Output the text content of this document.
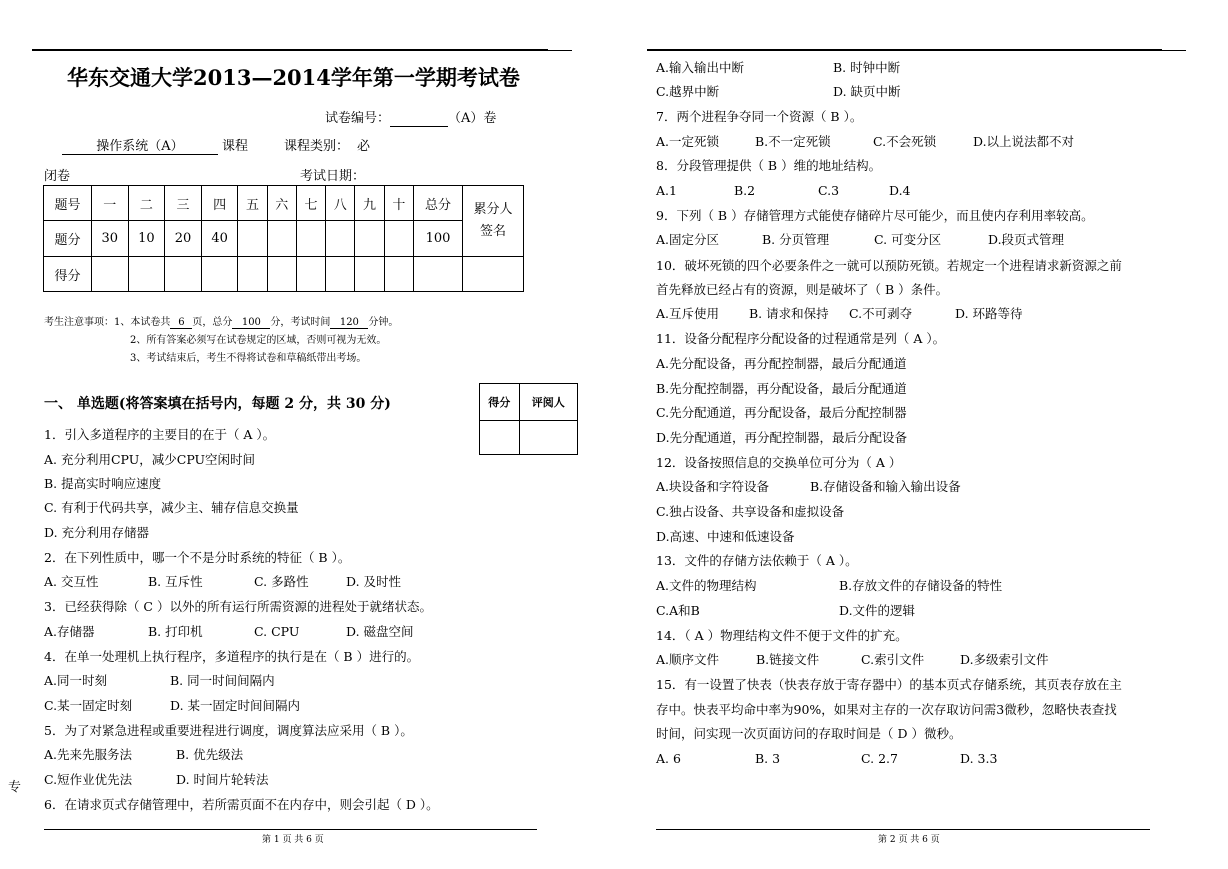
华东交通大学2013—2014学年第一学期考试卷
试卷编号：	（A）卷
操作系统（A）	课程	课程类别： 必
闭卷	考试日期：
题号	一	二	三	四	五	六	七	八	九	十	总分	累分人
签名

题分	30	10	20	40							100	
得分												
考生注意事项：1、本试卷共 6 页，总分 100 分，考试时间 120 分钟。
2、所有答案必须写在试卷规定的区域，否则可视为无效。
3、考试结束后，考生不得将试卷和草稿纸带出考场。
一、 单选题(将答案填在括号内，每题 2 分，共 30 分)	得分	评阅人

1．引入多道程序的主要目的在于（ A ）。
A. 充分利用CPU，减少CPU空闲时间
B. 提高实时响应速度
C. 有利于代码共享，减少主、辅存信息交换量
D. 充分利用存储器
2．在下列性质中，哪一个不是分时系统的特征（ B ）。
A. 交互性	B. 互斥性	C. 多路性	D. 及时性
3．已经获得除（ C ）以外的所有运行所需资源的进程处于就绪状态。
A.存储器	B. 打印机	C. CPU	D. 磁盘空间
4．在单一处理机上执行程序，多道程序的执行是在（ B ）进行的。
A.同一时刻	B. 同一时间间隔内
C.某一固定时刻	D. 某一固定时间间隔内
5．为了对紧急进程或重要进程进行调度，调度算法应采用（ B ）。
A.先来先服务法	B. 优先级法
C.短作业优先法	D. 时间片轮转法
6．在请求页式存储管理中，若所需页面不在内存中，则会引起（ D ）。
专
第 1 页 共 6 页
A.输入输出中断	B. 时钟中断
C.越界中断	D. 缺页中断
7．两个进程争夺同一个资源（ B ）。
A.一定死锁	B.不一定死锁	C.不会死锁	D.以上说法都不对
8．分段管理提供（ B ）维的地址结构。
A.1	B.2	C.3	D.4
9．下列（ B ）存储管理方式能使存储碎片尽可能少，而且使内存利用率较高。
A.固定分区	B. 分页管理	C. 可变分区	D.段页式管理
10．破坏死锁的四个必要条件之一就可以预防死锁。若规定一个进程请求新资源之前
首先释放已经占有的资源，则是破坏了（ B ）条件。
A.互斥使用 B. 请求和保持 C.不可剥夺	D. 环路等待
11．设备分配程序分配设备的过程通常是列（ A ）。
A.先分配设备，再分配控制器，最后分配通道
B.先分配控制器，再分配设备，最后分配通道
C.先分配通道，再分配设备，最后分配控制器
D.先分配通道，再分配控制器，最后分配设备
12．设备按照信息的交换单位可分为（ A ）
A.块设备和字符设备	B.存储设备和输入输出设备
C.独占设备、共享设备和虚拟设备
D.高速、中速和低速设备
13．文件的存储方法依赖于（ A ）。
A.文件的物理结构	B.存放文件的存储设备的特性
C.A和B	D.文件的逻辑
14．（ A ）物理结构文件不便于文件的扩充。
A.顺序文件	B.链接文件	C.索引文件	D.多级索引文件
15．有一设置了快表（快表存放于寄存器中）的基本页式存储系统，其页表存放在主
存中。快表平均命中率为90%，如果对主存的一次存取访问需3微秒，忽略快表查找
时间，问实现一次页面访问的存取时间是（ D ）微秒。
A. 6	B. 3	C. 2.7	D. 3.3
第 2 页 共 6 页
